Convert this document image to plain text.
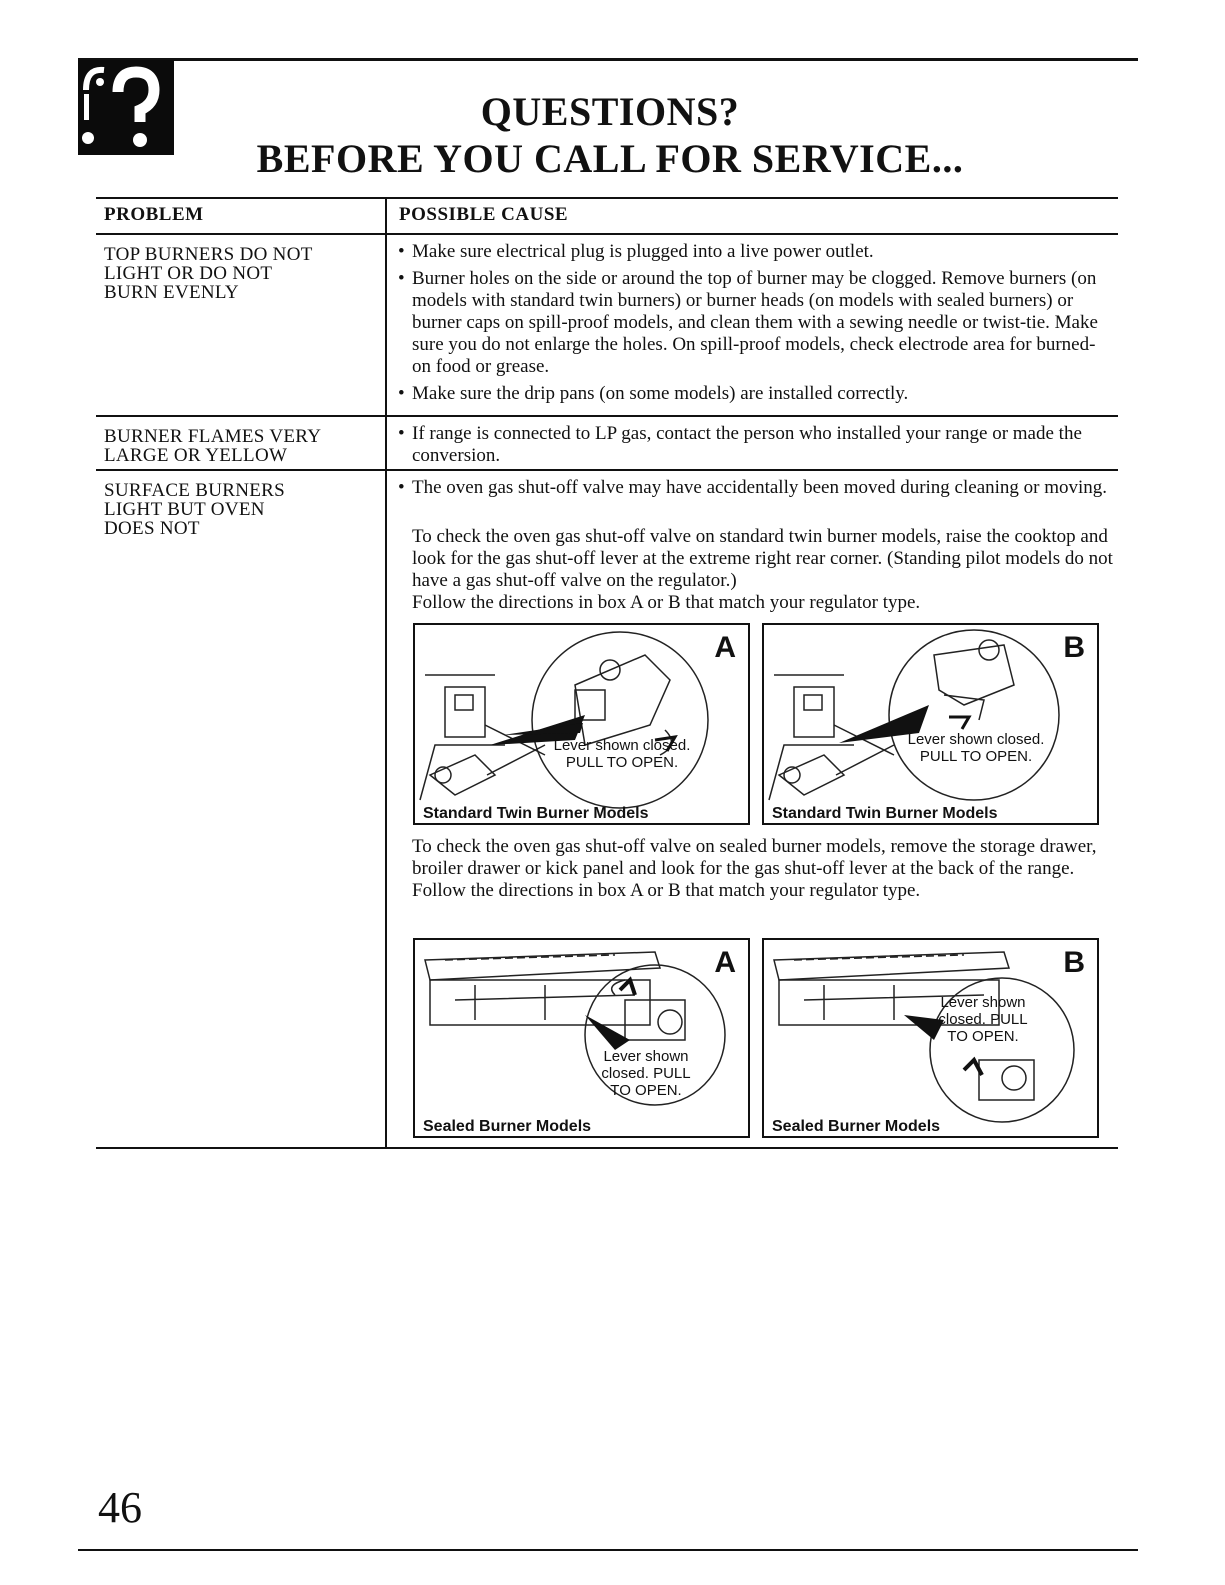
QUESTIONS?
BEFORE YOU CALL FOR SERVICE...
PROBLEM	POSSIBLE CAUSE
TOP BURNERS DO NOT
LIGHT OR DO NOT
BURN EVENLY

• Make sure electrical plug is plugged into a live power outlet.

• Burner holes on the side or around the top of burner may be clogged. Remove burners (on models with standard twin burners) or burner heads (on models with sealed burners) or burner caps on spill-proof models, and clean them with a sewing needle or twist-tie. Make sure you do not enlarge the holes. On spill-proof models, check electrode area for burned-on food or grease.

• Make sure the drip pans (on some models) are installed correctly.

BURNER FLAMES VERY
LARGE OR YELLOW

• If range is connected to LP gas, contact the person who installed your range or made the conversion.

SURFACE BURNERS
LIGHT BUT OVEN
DOES NOT

• The oven gas shut-off valve may have accidentally been moved during cleaning or moving.

To check the oven gas shut-off valve on standard twin burner models, raise the cooktop and look for the gas shut-off lever at the extreme right rear corner. (Standing pilot models do not have a gas shut-off valve on the regulator.)

Follow the directions in box A or B that match your regulator type.

A
Lever shown closed.
PULL TO OPEN.
Standard Twin Burner Models
B
Lever shown closed.
PULL TO OPEN.
Standard Twin Burner Models

To check the oven gas shut-off valve on sealed burner models, remove the storage drawer, broiler drawer or kick panel and look for the gas shut-off lever at the back of the range.

Follow the directions in box A or B that match your regulator type.

A
Lever shown
closed. PULL
TO OPEN.
Sealed Burner Models
B
Lever shown
closed. PULL
TO OPEN.
Sealed Burner Models
46
